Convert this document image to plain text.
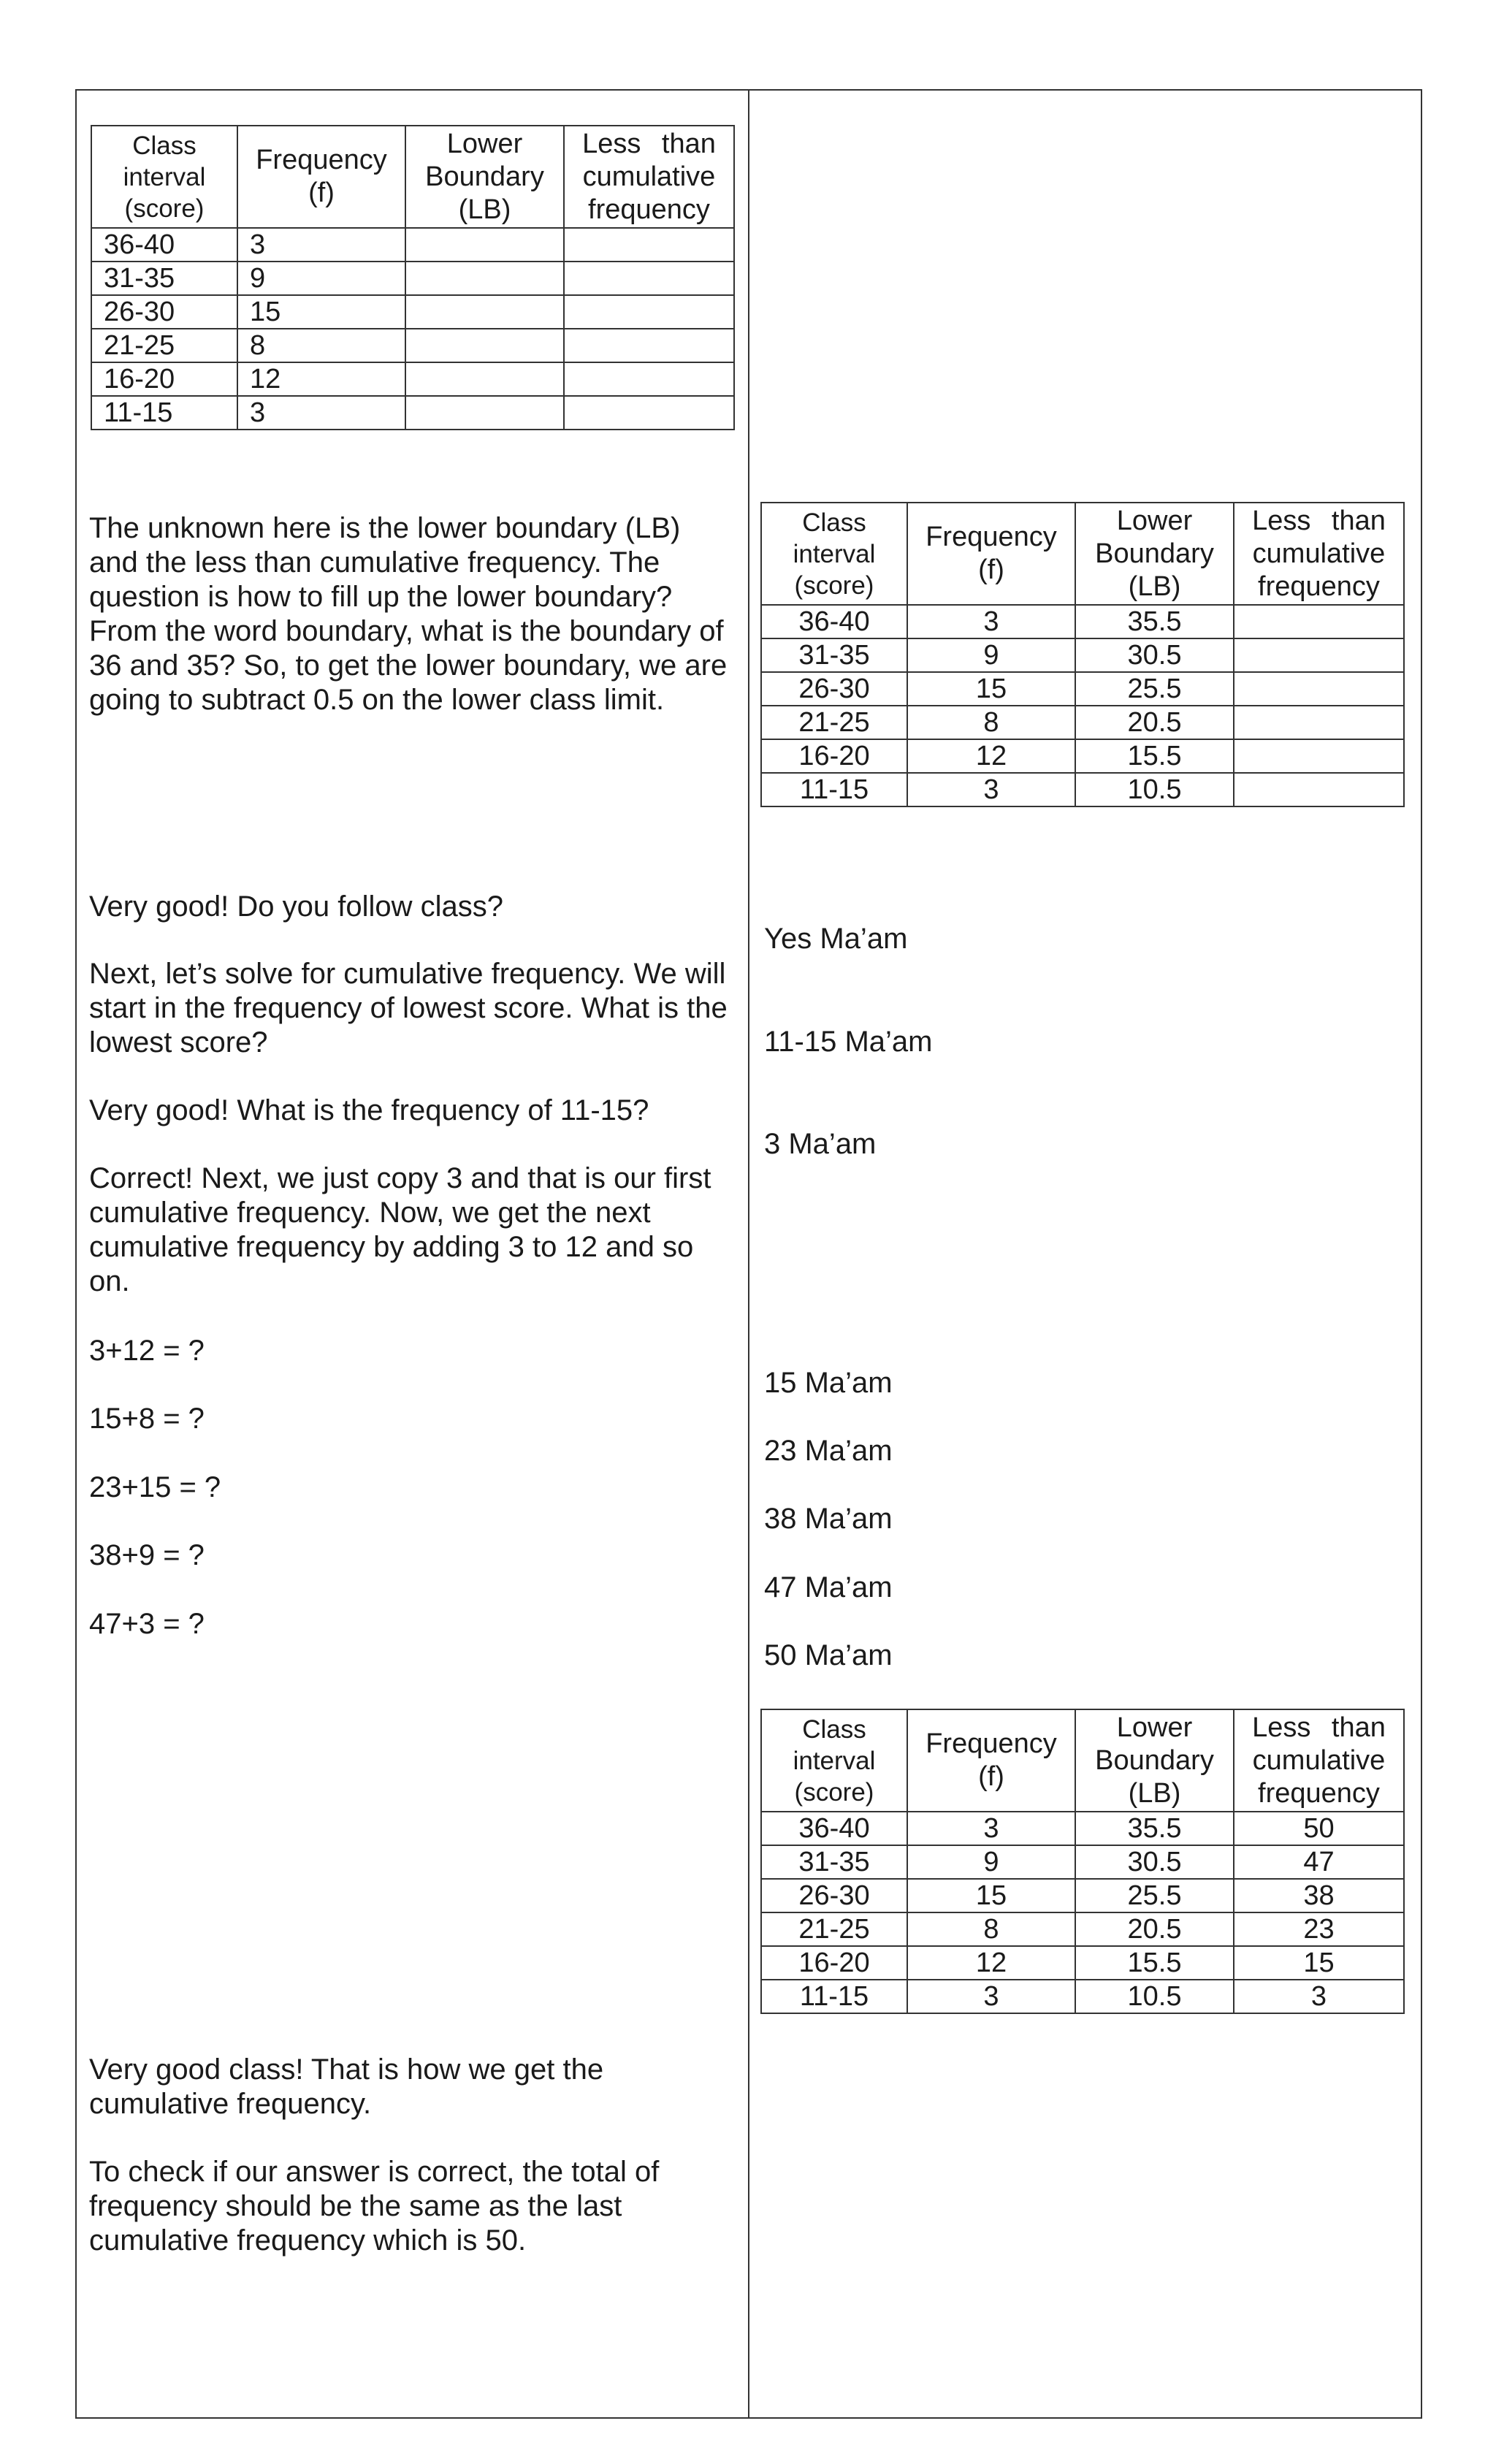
Class
interval
(score)	Frequency
(f)	Lower
Boundary
(LB)	Less than
cumulative
frequency

36-40	3		
31-35	9		
26-30	15		
21-25	8		
16-20	12		
11-15	3		

The unknown here is the lower boundary (LB) and the less than cumulative frequency. The question is how to fill up the lower boundary? From the word boundary, what is the boundary of 36 and 35? So, to get the lower boundary, we are going to subtract 0.5 on the lower class limit.

Very good! Do you follow class?

Next, let’s solve for cumulative frequency. We will start in the frequency of lowest score. What is the lowest score?

Very good! What is the frequency of 11-15?

Correct! Next, we just copy 3 and that is our first cumulative frequency. Now, we get the next cumulative frequency by adding 3 to 12 and so on.

3+12 = ?

15+8 = ?

23+15 = ?

38+9 = ?

47+3 = ?

Very good class! That is how we get the cumulative frequency.

To check if our answer is correct, the total of frequency should be the same as the last cumulative frequency which is 50.

Class
interval
(score)	Frequency
(f)	Lower
Boundary
(LB)	Less than
cumulative
frequency

36-40	3	35.5	
31-35	9	30.5	
26-30	15	25.5	
21-25	8	20.5	
16-20	12	15.5	
11-15	3	10.5	

Yes Ma’am

11-15 Ma’am

3 Ma’am

15 Ma’am

23 Ma’am

38 Ma’am

47 Ma’am

50 Ma’am

Class
interval
(score)	Frequency
(f)	Lower
Boundary
(LB)	Less than
cumulative
frequency

36-40	3	35.5	50
31-35	9	30.5	47
26-30	15	25.5	38
21-25	8	20.5	23
16-20	12	15.5	15
11-15	3	10.5	3
